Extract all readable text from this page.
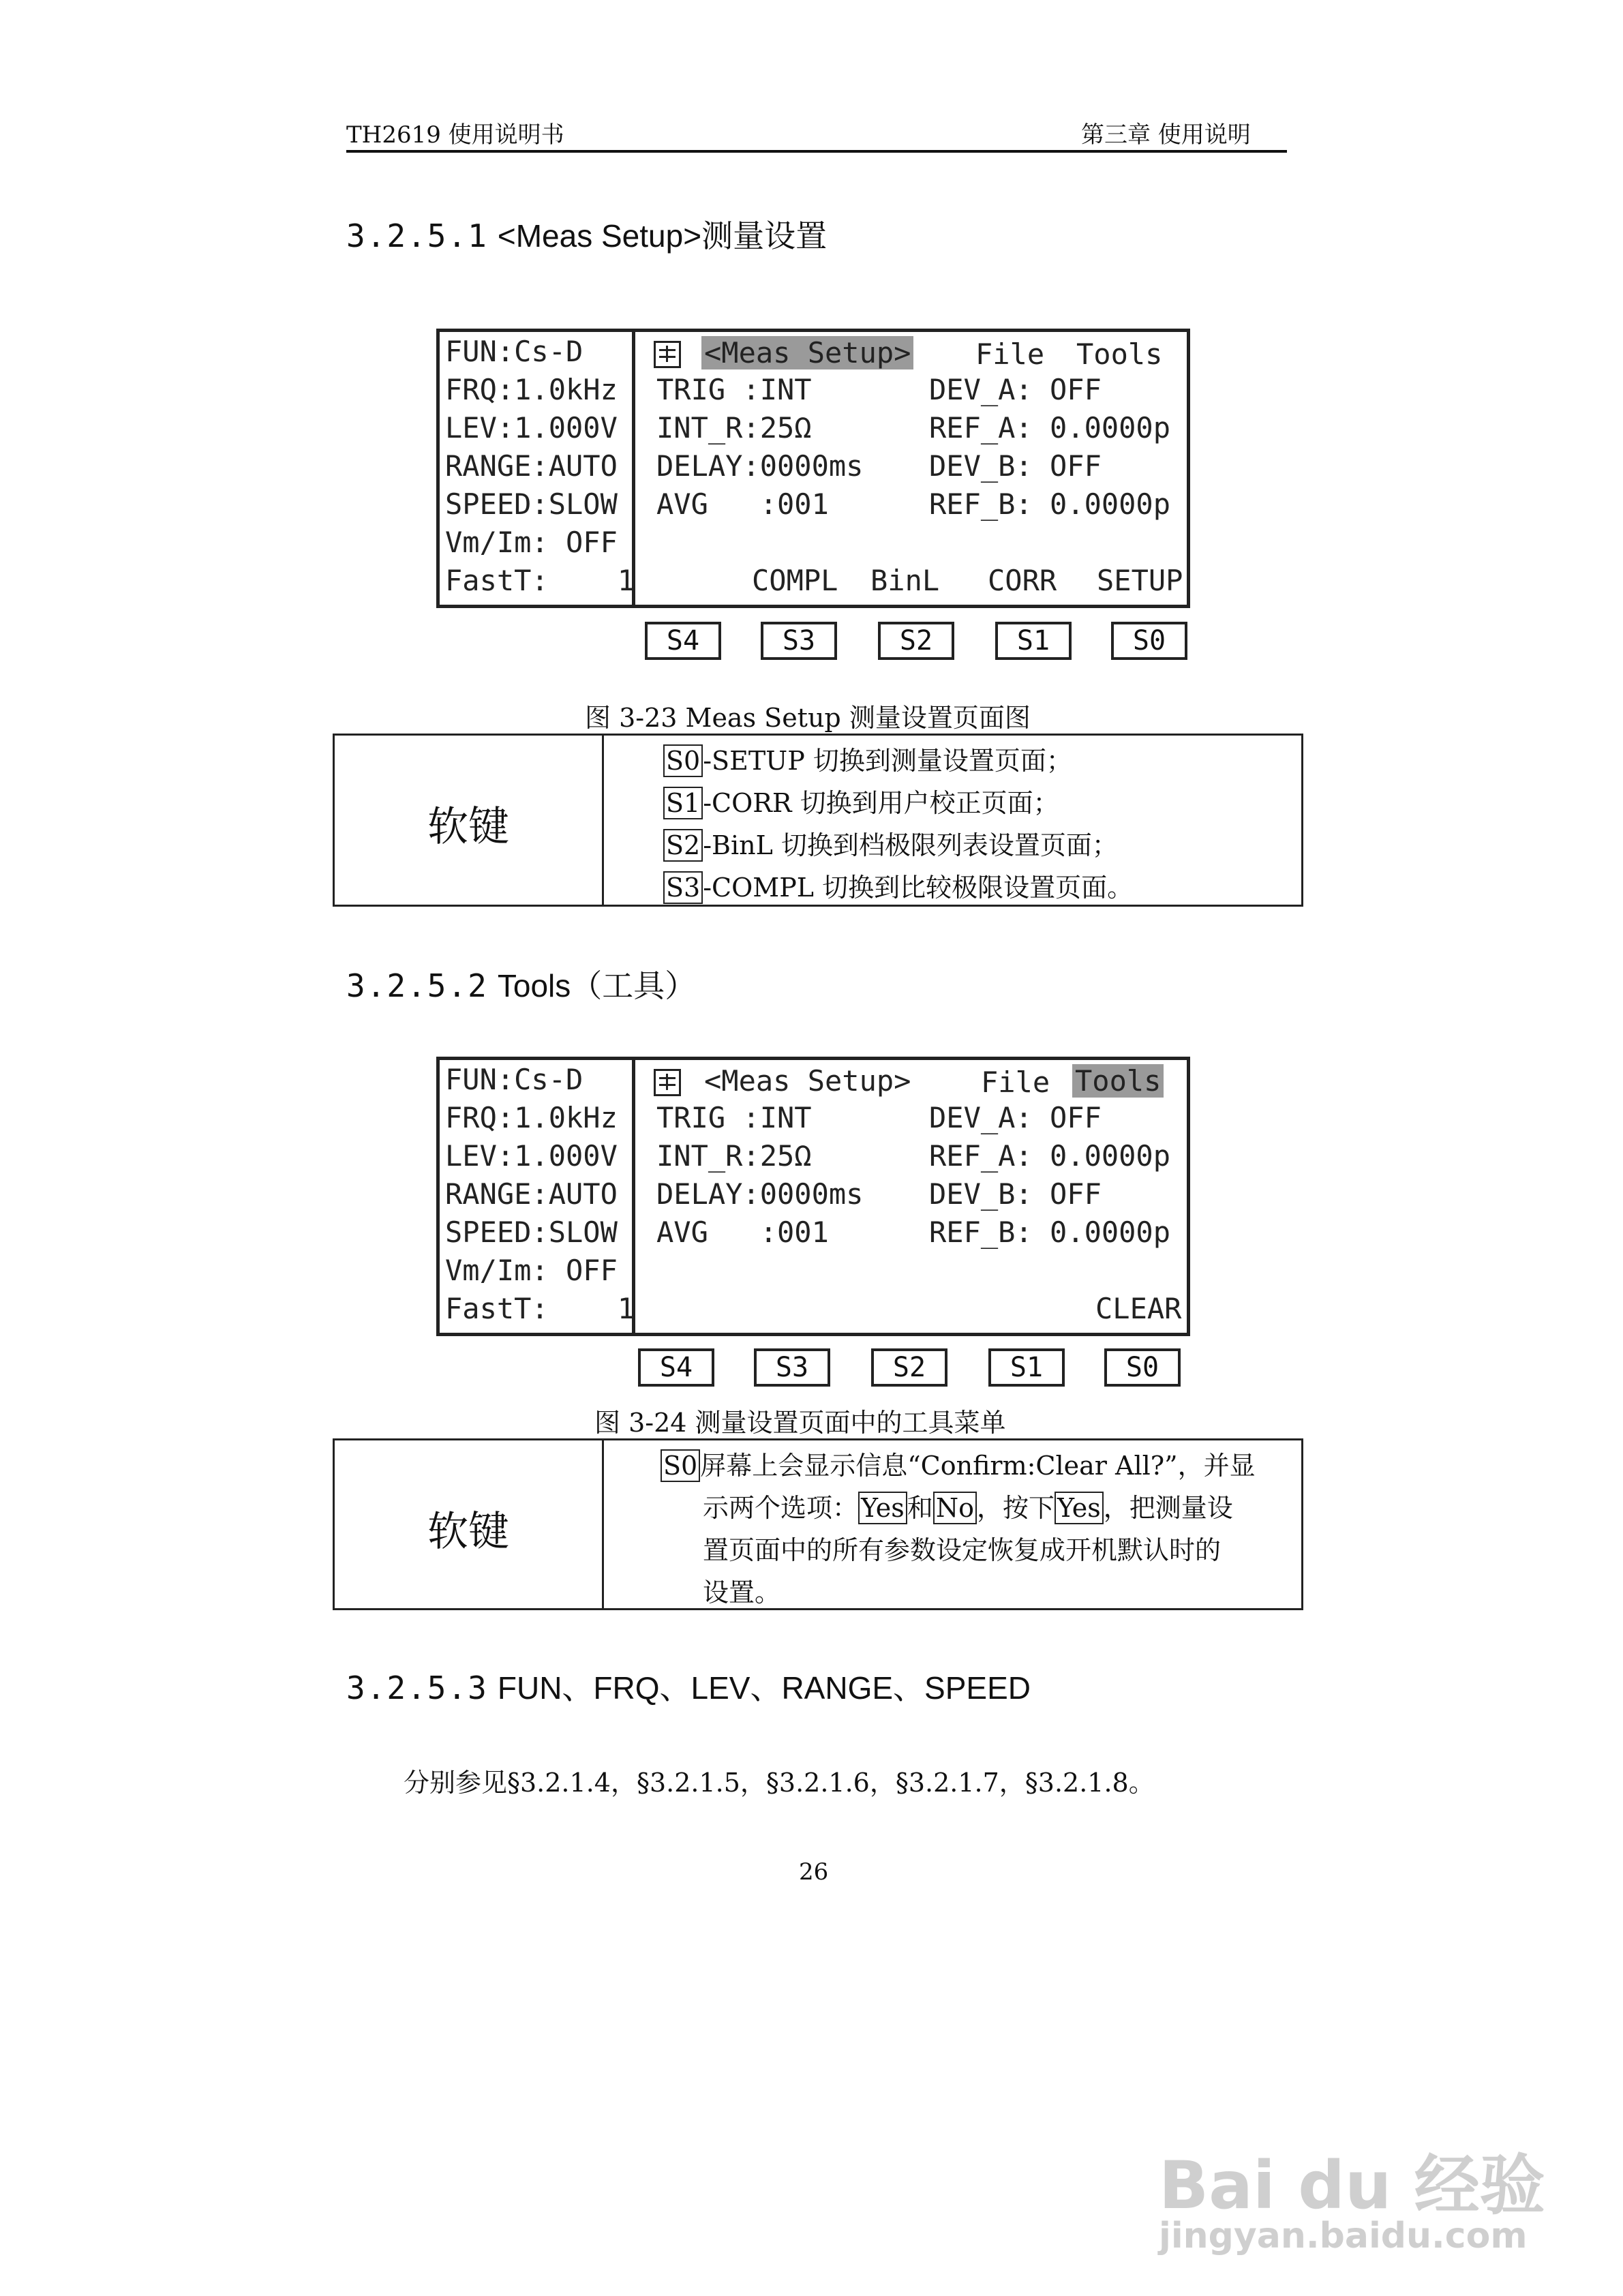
TH2619 使用说明书	第三章 使用说明
3.2.5.1 <Meas Setup>测量设置
FUN:Cs-D
FRQ:1.0kHz
LEV:1.000V
RANGE:AUTO
SPEED:SLOW
Vm/Im: OFF
FastT:    1
<Meas Setup> File Tools
TRIG :INT	DEV_A: OFF
INT_R:25Ω	REF_A: 0.0000p
DELAY:0000ms DEV_B: OFF
AVG   :001	REF_B: 0.0000p
COMPL BinL CORR SETUP
S4	S3	S2	S1	S0
图 3-23 Meas Setup 测量设置页面图
软键
S0 -SETUP 切换到测量设置页面；
S1 -CORR 切换到用户校正页面；
S2 -BinL 切换到档极限列表设置页面；
S3 -COMPL 切换到比较极限设置页面。
3.2.5.2 Tools（工具）
FUN:Cs-D
FRQ:1.0kHz
LEV:1.000V
RANGE:AUTO
SPEED:SLOW
Vm/Im: OFF
FastT:    1
<Meas Setup> File Tools
TRIG :INT	DEV_A: OFF
INT_R:25Ω	REF_A: 0.0000p
DELAY:0000ms DEV_B: OFF
AVG   :001	REF_B: 0.0000p
CLEAR
S4	S3	S2	S1	S0
图 3-24 测量设置页面中的工具菜单
软键
S0 屏幕上会显示信息“Confirm:Clear All?”，并显
示两个选项： Yes 和 No ，按下 Yes ，把测量设
置页面中的所有参数设定恢复成开机默认时的
设置。
3.2.5.3 FUN、FRQ、LEV、RANGE、SPEED
分别参见§3.2.1.4，§3.2.1.5，§3.2.1.6，§3.2.1.7，§3.2.1.8。
26
Bai du 经验
jingyan.baidu.com
